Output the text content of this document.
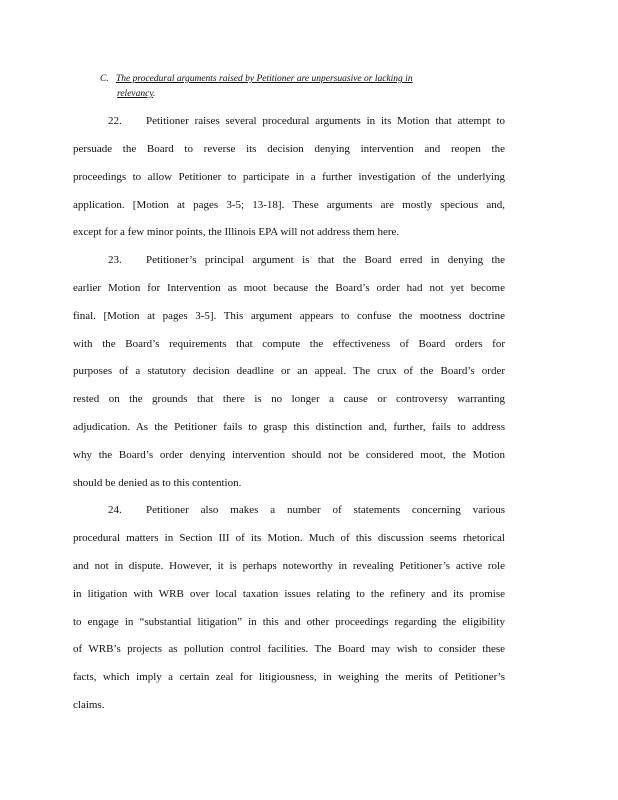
C. The procedural arguments raised by Petitioner are unpersuasive or lacking in
relevancy.
22. Petitioner raises several procedural arguments in its Motion that attempt to
persuade the Board to reverse its decision denying intervention and reopen the
proceedings to allow Petitioner to participate in a further investigation of the underlying
application. [Motion at pages 3-5; 13-18]. These arguments are mostly specious and,
except for a few minor points, the Illinois EPA will not address them here.
23. Petitioner’s principal argument is that the Board erred in denying the
earlier Motion for Intervention as moot because the Board’s order had not yet become
final. [Motion at pages 3-5]. This argument appears to confuse the mootness doctrine
with the Board’s requirements that compute the effectiveness of Board orders for
purposes of a statutory decision deadline or an appeal. The crux of the Board’s order
rested on the grounds that there is no longer a cause or controversy warranting
adjudication. As the Petitioner fails to grasp this distinction and, further, fails to address
why the Board’s order denying intervention should not be considered moot, the Motion
should be denied as to this contention.
24. Petitioner also makes a number of statements concerning various
procedural matters in Section III of its Motion. Much of this discussion seems rhetorical
and not in dispute. However, it is perhaps noteworthy in revealing Petitioner’s active role
in litigation with WRB over local taxation issues relating to the refinery and its promise
to engage in “substantial litigation” in this and other proceedings regarding the eligibility
of WRB’s projects as pollution control facilities. The Board may wish to consider these
facts, which imply a certain zeal for litigiousness, in weighing the merits of Petitioner’s
claims.
